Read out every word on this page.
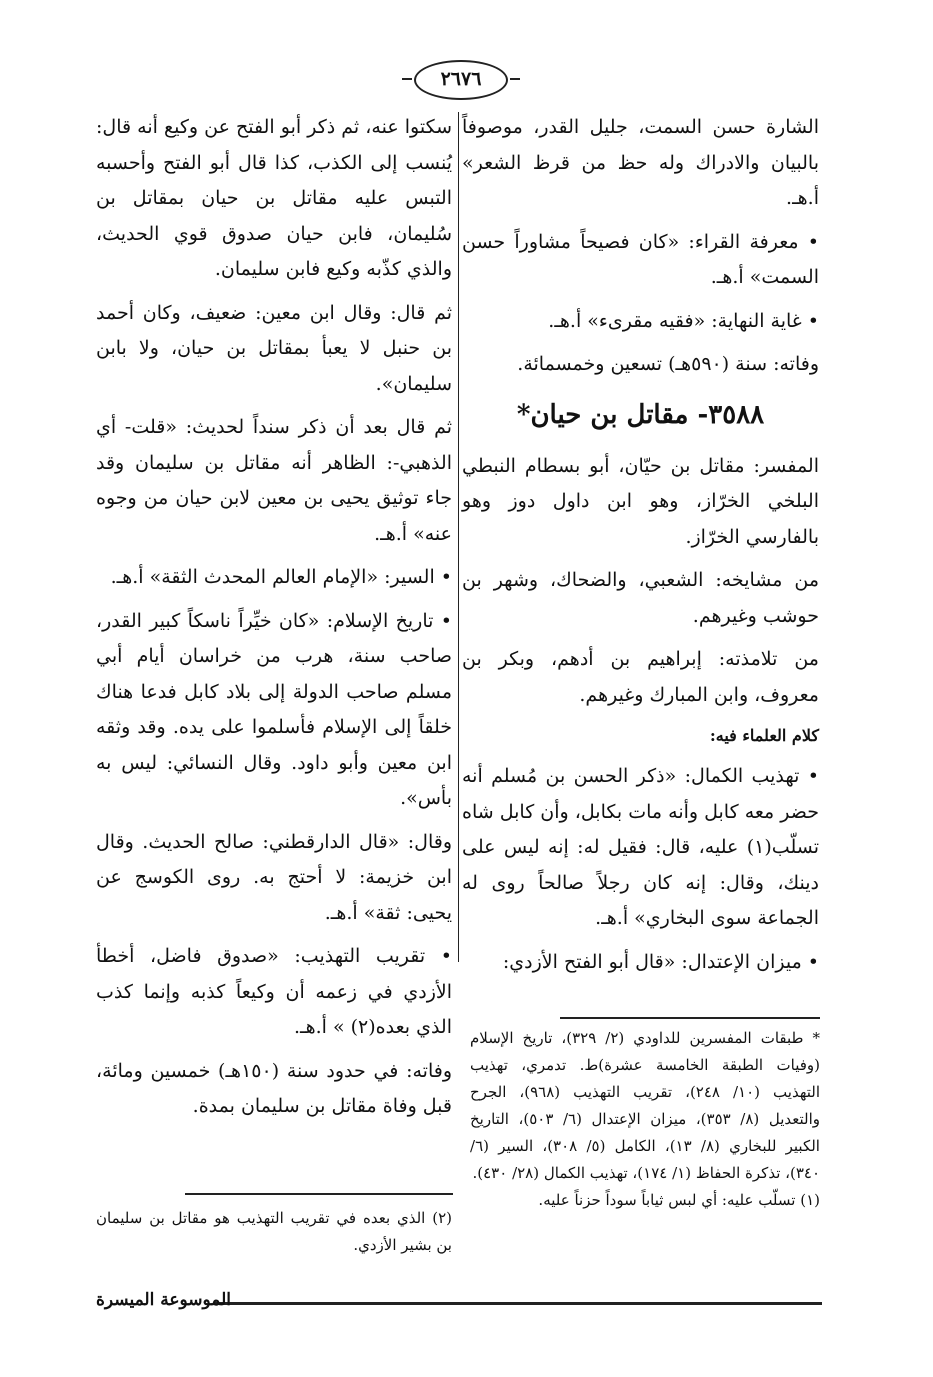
٢٦٧٦

الشارة حسن السمت، جليل القدر، موصوفاً بالبيان والادراك وله حظ من قرظ الشعر» أ.هـ.

• معرفة القراء: «كان فصيحاً مشاوراً حسن السمت» أ.هـ.

• غاية النهاية: «فقيه مقرىء» أ.هـ.

وفاته: سنة (٥٩٠هـ) تسعين وخمسمائة.

٣٥٨٨- مقاتل بن حيان*

المفسر: مقاتل بن حيّان، أبو بسطام النبطي البلخي الخرّاز، وهو ابن داول دوز وهو بالفارسي الخرّاز.

من مشايخه: الشعبي، والضحاك، وشهر بن حوشب وغيرهم.

من تلامذته: إبراهيم بن أدهم، وبكر بن معروف، وابن المبارك وغيرهم.

كلام العلماء فيه:

• تهذيب الكمال: «ذكر الحسن بن مُسلم أنه حضر معه كابل وأنه مات بكابل، وأن كابل شاه تسلّب(١) عليه، قال: فقيل له: إنه ليس على دينك، وقال: إنه كان رجلاً صالحاً روى له الجماعة سوى البخاري» أ.هـ.

• ميزان الإعتدال: «قال أبو الفتح الأزدي:

* طبقات المفسرين للداودي (٢/ ٣٢٩)، تاريخ الإسلام (وفيات الطبقة الخامسة عشرة)ط. تدمري، تهذيب التهذيب (١٠/ ٢٤٨)، تقريب التهذيب (٩٦٨)، الجرح والتعديل (٨/ ٣٥٣)، ميزان الإعتدال (٦/ ٥٠٣)، التاريخ الكبير للبخاري (٨/ ١٣)، الكامل (٥/ ٣٠٨)، السير (٦/ ٣٤٠)، تذكرة الحفاظ (١/ ١٧٤)، تهذيب الكمال (٢٨/ ٤٣٠).

(١) تسلّب عليه: أي لبس ثياباً سوداً حزناً عليه.

سكتوا عنه، ثم ذكر أبو الفتح عن وكيع أنه قال: يُنسب إلى الكذب، كذا قال أبو الفتح وأحسبه التبس عليه مقاتل بن حيان بمقاتل بن سُليمان، فابن حيان صدوق قوي الحديث، والذي كذّبه وكيع فابن سليمان.

ثم قال: وقال ابن معين: ضعيف، وكان أحمد بن حنبل لا يعبأ بمقاتل بن حيان، ولا بابن سليمان».

ثم قال بعد أن ذكر سنداً لحديث: «قلت- أي الذهبي-: الظاهر أنه مقاتل بن سليمان وقد جاء توثيق يحيى بن معين لابن حيان من وجوه عنه» أ.هـ.

• السير: «الإمام العالم المحدث الثقة» أ.هـ.

• تاريخ الإسلام: «كان خيِّراً ناسكاً كبير القدر، صاحب سنة، هرب من خراسان أيام أبي مسلم صاحب الدولة إلى بلاد كابل فدعا هناك خلقاً إلى الإسلام فأسلموا على يده. وقد وثقه ابن معين وأبو داود. وقال النسائي: ليس به بأس».

وقال: «قال الدارقطني: صالح الحديث. وقال ابن خزيمة: لا أحتج به. روى الكوسج عن يحيى: ثقة» أ.هـ.

• تقريب التهذيب: «صدوق فاضل، أخطأ الأزدي في زعمه أن وكيعاً كذبه وإنما كذب الذي بعده(٢) » أ.هـ.

وفاته: في حدود سنة (١٥٠هـ) خمسين ومائة، قبل وفاة مقاتل بن سليمان بمدة.

(٢) الذي بعده في تقريب التهذيب هو مقاتل بن سليمان بن بشير الأزدي.

الموسوعة الميسرة
